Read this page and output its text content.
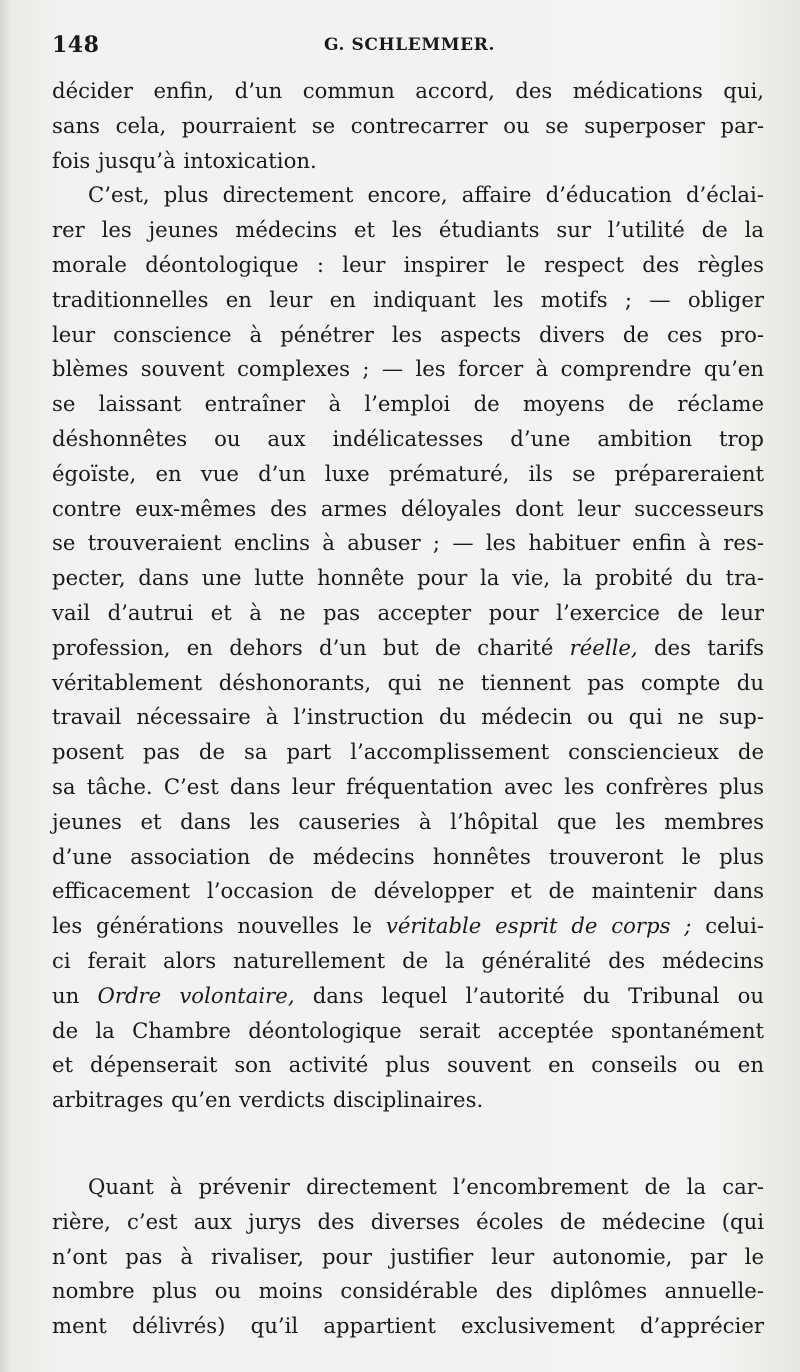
148	G. SCHLEMMER.
décider enfin, d’un commun accord, des médications qui,
sans cela, pourraient se contrecarrer ou se superposer par-
fois jusqu’à intoxication.
C’est, plus directement encore, affaire d’éducation d’éclai-
rer les jeunes médecins et les étudiants sur l’utilité de la
morale déontologique : leur inspirer le respect des règles
traditionnelles en leur en indiquant les motifs ; — obliger
leur conscience à pénétrer les aspects divers de ces pro-
blèmes souvent complexes ; — les forcer à comprendre qu’en
se laissant entraîner à l’emploi de moyens de réclame
déshonnêtes ou aux indélicatesses d’une ambition trop
égoïste, en vue d’un luxe prématuré, ils se prépareraient
contre eux-mêmes des armes déloyales dont leur successeurs
se trouveraient enclins à abuser ; — les habituer enfin à res-
pecter, dans une lutte honnête pour la vie, la probité du tra-
vail d’autrui et à ne pas accepter pour l’exercice de leur
profession, en dehors d’un but de charité réelle, des tarifs
véritablement déshonorants, qui ne tiennent pas compte du
travail nécessaire à l’instruction du médecin ou qui ne sup-
posent pas de sa part l’accomplissement consciencieux de
sa tâche. C’est dans leur fréquentation avec les confrères plus
jeunes et dans les causeries à l’hôpital que les membres
d’une association de médecins honnêtes trouveront le plus
efficacement l’occasion de développer et de maintenir dans
les générations nouvelles le véritable esprit de corps ; celui-
ci ferait alors naturellement de la généralité des médecins
un Ordre volontaire, dans lequel l’autorité du Tribunal ou
de la Chambre déontologique serait acceptée spontanément
et dépenserait son activité plus souvent en conseils ou en
arbitrages qu’en verdicts disciplinaires.
Quant à prévenir directement l’encombrement de la car-
rière, c’est aux jurys des diverses écoles de médecine (qui
n’ont pas à rivaliser, pour justifier leur autonomie, par le
nombre plus ou moins considérable des diplômes annuelle-
ment délivrés) qu’il appartient exclusivement d’apprécier
